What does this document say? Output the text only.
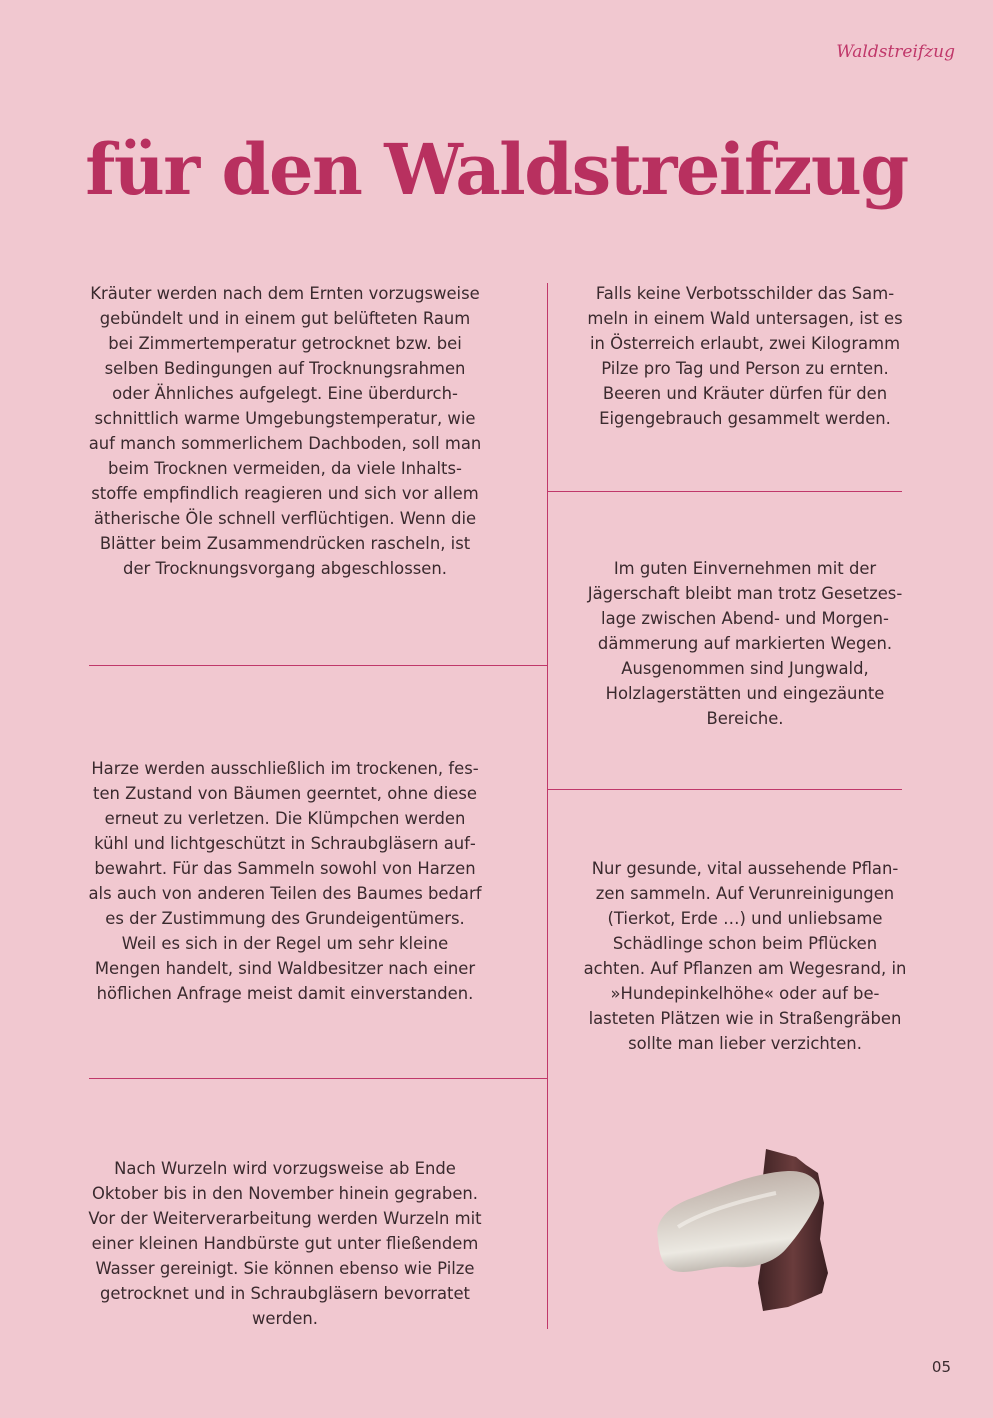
Waldstreifzug
für den Waldstreifzug

Kräuter werden nach dem Ernten vorzugsweise gebündelt und in einem gut belüfteten Raum bei Zimmertemperatur getrocknet bzw. bei selben Bedingungen auf Trocknungsrahmen oder Ähnliches aufgelegt. Eine überdurchschnittlich warme Umgebungstemperatur, wie auf manch sommerlichem Dachboden, soll man beim Trocknen vermeiden, da viele Inhaltsstoffe empfindlich reagieren und sich vor allem ätherische Öle schnell verflüchtigen. Wenn die Blätter beim Zusammendrücken rascheln, ist der Trocknungsvorgang abgeschlossen.

Harze werden ausschließlich im trockenen, festen Zustand von Bäumen geerntet, ohne diese erneut zu verletzen. Die Klümpchen werden kühl und lichtgeschützt in Schraubgläsern aufbewahrt. Für das Sammeln sowohl von Harzen als auch von anderen Teilen des Baumes bedarf es der Zustimmung des Grundeigentümers. Weil es sich in der Regel um sehr kleine Mengen handelt, sind Waldbesitzer nach einer höflichen Anfrage meist damit einverstanden.

Nach Wurzeln wird vorzugsweise ab Ende Oktober bis in den November hinein gegraben. Vor der Weiterverarbeitung werden Wurzeln mit einer kleinen Handbürste gut unter fließendem Wasser gereinigt. Sie können ebenso wie Pilze getrocknet und in Schraubgläsern bevorratet werden.

Falls keine Verbotsschilder das Sammeln in einem Wald untersagen, ist es in Österreich erlaubt, zwei Kilogramm Pilze pro Tag und Person zu ernten. Beeren und Kräuter dürfen für den Eigengebrauch gesammelt werden.

Im guten Einvernehmen mit der Jägerschaft bleibt man trotz Gesetzeslage zwischen Abend- und Morgendämmerung auf markierten Wegen. Ausgenommen sind Jungwald, Holzlagerstätten und eingezäunte Bereiche.

Nur gesunde, vital aussehende Pflanzen sammeln. Auf Verunreinigungen (Tierkot, Erde …) und unliebsame Schädlinge schon beim Pflücken achten. Auf Pflanzen am Wegesrand, in »Hundepinkelhöhe« oder auf belasteten Plätzen wie in Straßengräben sollte man lieber verzichten.

05
